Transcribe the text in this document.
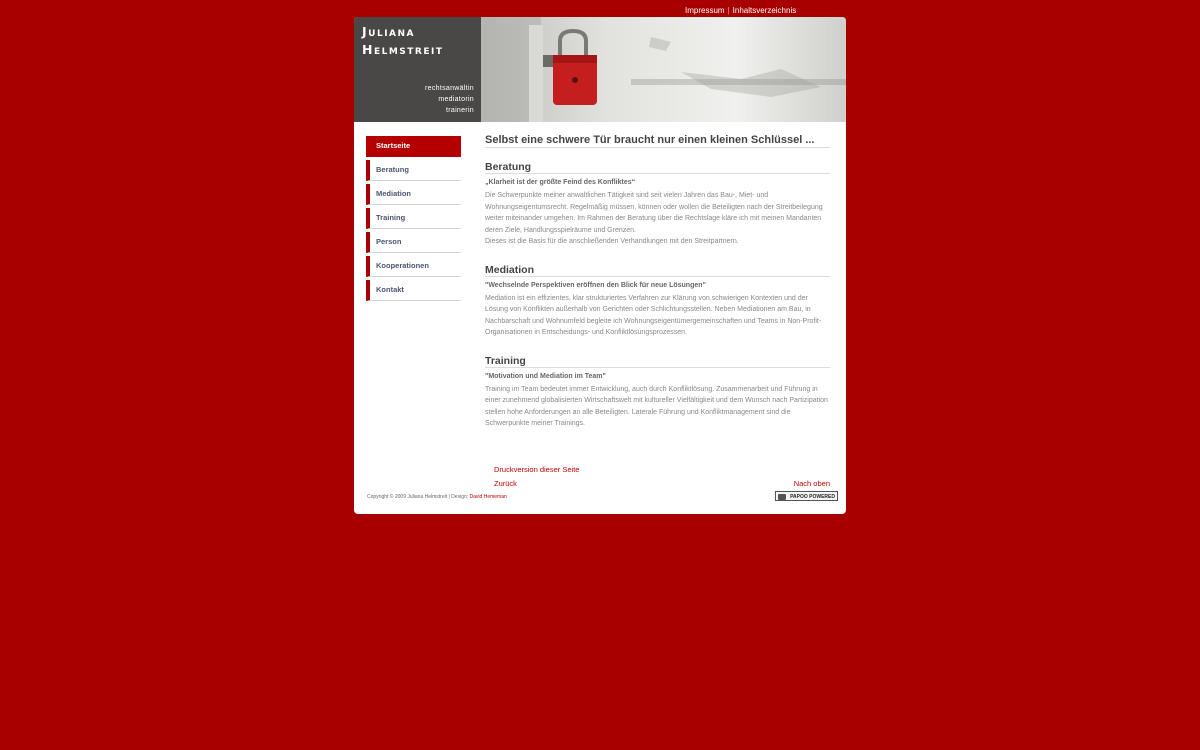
Impressum | Inhaltsverzeichnis
Juliana
Helmstreit
rechtsanwältin
mediatorin
trainerin
Startseite
Beratung
Mediation
Training
Person
Kooperationen
Kontakt
Selbst eine schwere Tür braucht nur einen kleinen Schlüssel ...
Beratung
„Klarheit ist der größte Feind des Konfliktes“

Die Schwerpunkte meiner anwaltlichen Tätigkeit sind seit vielen Jahren das Bau-, Miet- und Wohnungseigentumsrecht. Regelmäßig müssen, können oder wollen die Beteiligten nach der Streitbeilegung weiter miteinander umgehen. Im Rahmen der Beratung über die Rechtslage kläre ich mit meinen Mandanten deren Ziele, Handlungsspielräume und Grenzen.

Dieses ist die Basis für die anschließenden Verhandlungen mit den Streitpartnern.

Mediation
"Wechselnde Perspektiven eröffnen den Blick für neue Lösungen"

Mediation ist ein effizientes, klar strukturiertes Verfahren zur Klärung von schwierigen Kontexten und der Lösung von Konflikten außerhalb von Gerichten oder Schlichtungsstellen. Neben Mediationen am Bau, in Nachbarschaft und Wohnumfeld begleite ich Wohnungseigentümergemeinschaften und Teams in Non-Profit-Organisationen in Entscheidungs- und Konfliktlösungsprozessen.

Training
"Motivation und Mediation im Team"

Training im Team bedeutet immer Entwicklung, auch durch Konfliktlösung. Zusammenarbeit und Führung in einer zunehmend globalisierten Wirtschaftswelt mit kultureller Vielfältigkeit und dem Wunsch nach Partizipation stellen hohe Anforderungen an alle Beteiligten. Laterale Führung und Konfliktmanagement sind die Schwerpunkte meiner Trainings.

Druckversion dieser Seite
Zurück	Nach oben
Copyright © 2009 Juliana Helmstreit | Design: David Hememan	PAPOO POWERED
